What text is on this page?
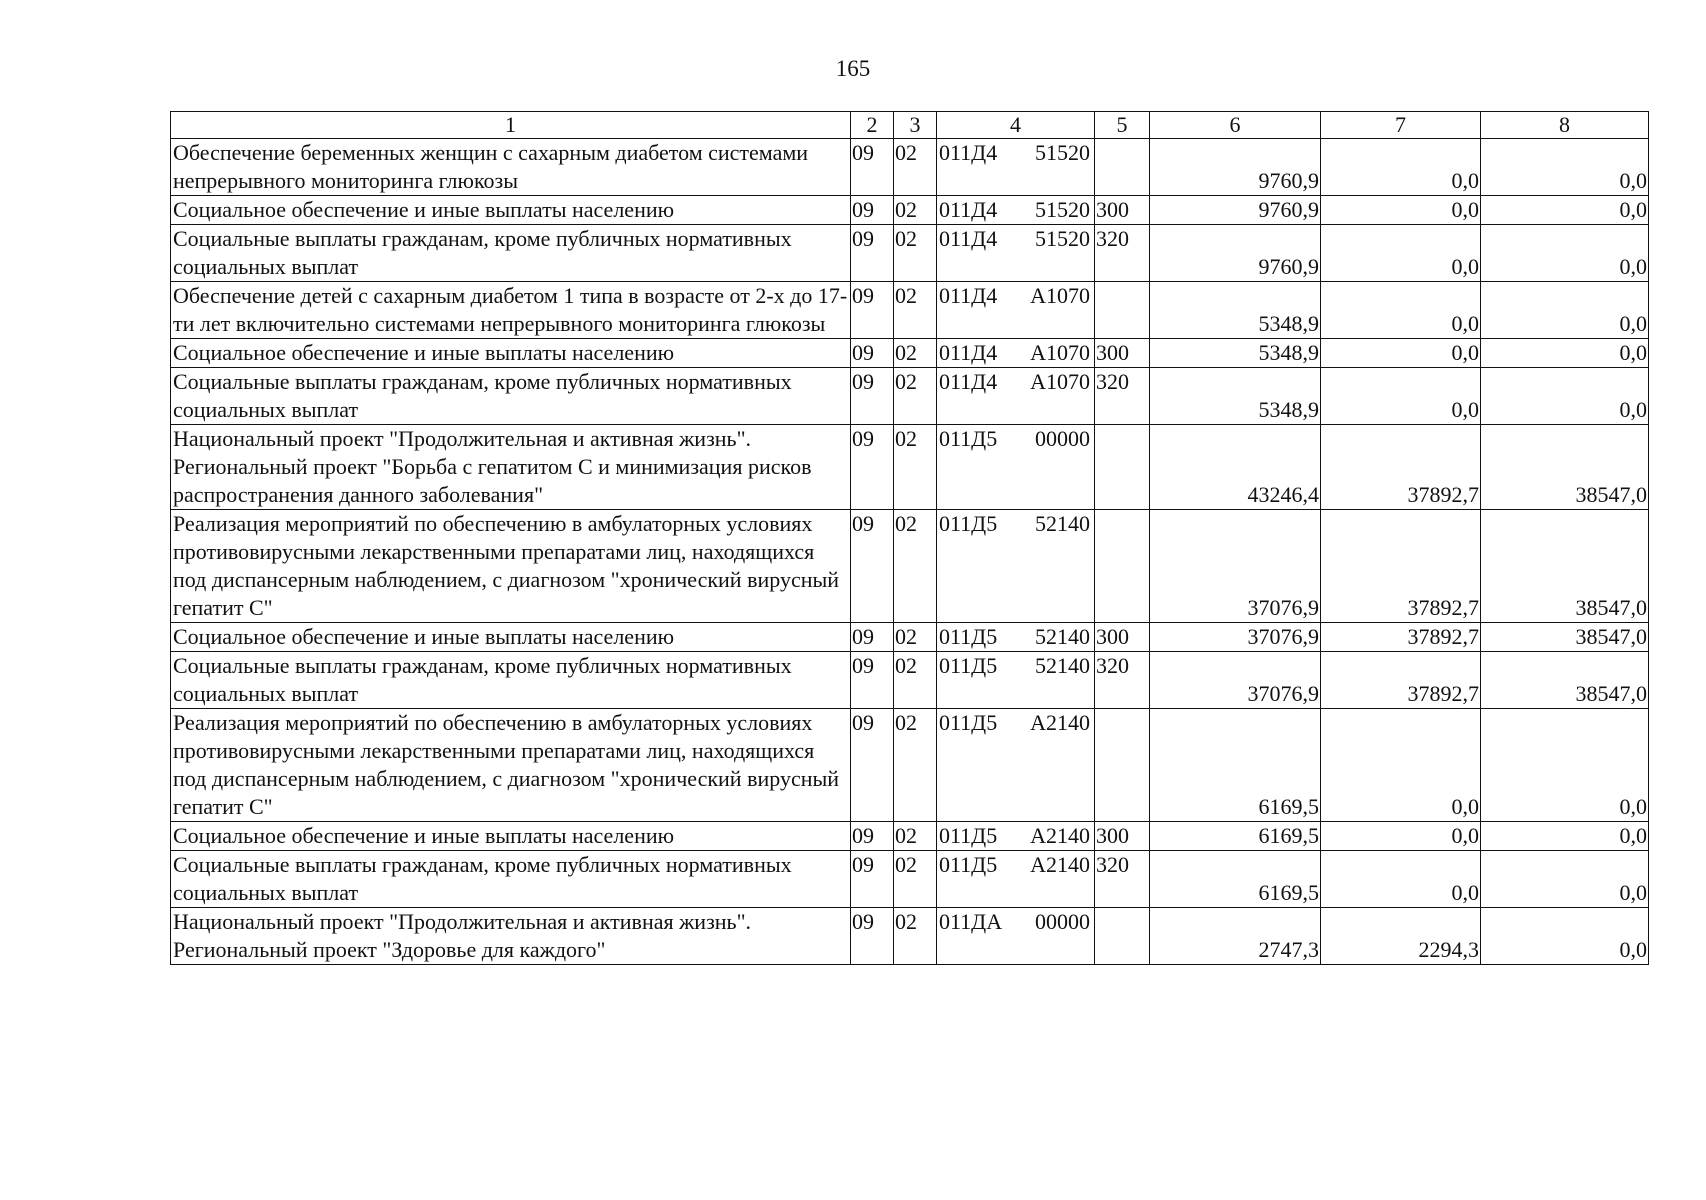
165
1	2	3	4	5	6	7	8
Обеспечение беременных женщин с сахарным диабетом системами непрерывного мониторинга глюкозы	09	02	011Д4 51520		9760,9	0,0	0,0
Социальное обеспечение и иные выплаты населению	09	02	011Д4 51520	300	9760,9	0,0	0,0
Социальные выплаты гражданам, кроме публичных нормативных социальных выплат	09	02	011Д4 51520	320	9760,9	0,0	0,0
Обеспечение детей с сахарным диабетом 1 типа в возрасте от 2-х до 17-ти лет включительно системами непрерывного мониторинга глюкозы	09	02	011Д4 A1070		5348,9	0,0	0,0
Социальное обеспечение и иные выплаты населению	09	02	011Д4 A1070	300	5348,9	0,0	0,0
Социальные выплаты гражданам, кроме публичных нормативных социальных выплат	09	02	011Д4 A1070	320	5348,9	0,0	0,0
Национальный проект "Продолжительная и активная жизнь". Региональный проект "Борьба с гепатитом С и минимизация рисков распространения данного заболевания"	09	02	011Д5 00000		43246,4	37892,7	38547,0
Реализация мероприятий по обеспечению в амбулаторных условиях противовирусными лекарственными препаратами лиц, находящихся под диспансерным наблюдением, с диагнозом "хронический вирусный гепатит С"	09	02	011Д5 52140		37076,9	37892,7	38547,0
Социальное обеспечение и иные выплаты населению	09	02	011Д5 52140	300	37076,9	37892,7	38547,0
Социальные выплаты гражданам, кроме публичных нормативных социальных выплат	09	02	011Д5 52140	320	37076,9	37892,7	38547,0
Реализация мероприятий по обеспечению в амбулаторных условиях противовирусными лекарственными препаратами лиц, находящихся под диспансерным наблюдением, с диагнозом "хронический вирусный гепатит С"	09	02	011Д5 A2140		6169,5	0,0	0,0
Социальное обеспечение и иные выплаты населению	09	02	011Д5 A2140	300	6169,5	0,0	0,0
Социальные выплаты гражданам, кроме публичных нормативных социальных выплат	09	02	011Д5 A2140	320	6169,5	0,0	0,0
Национальный проект "Продолжительная и активная жизнь". Региональный проект "Здоровье для каждого"	09	02	011ДА 00000		2747,3	2294,3	0,0
